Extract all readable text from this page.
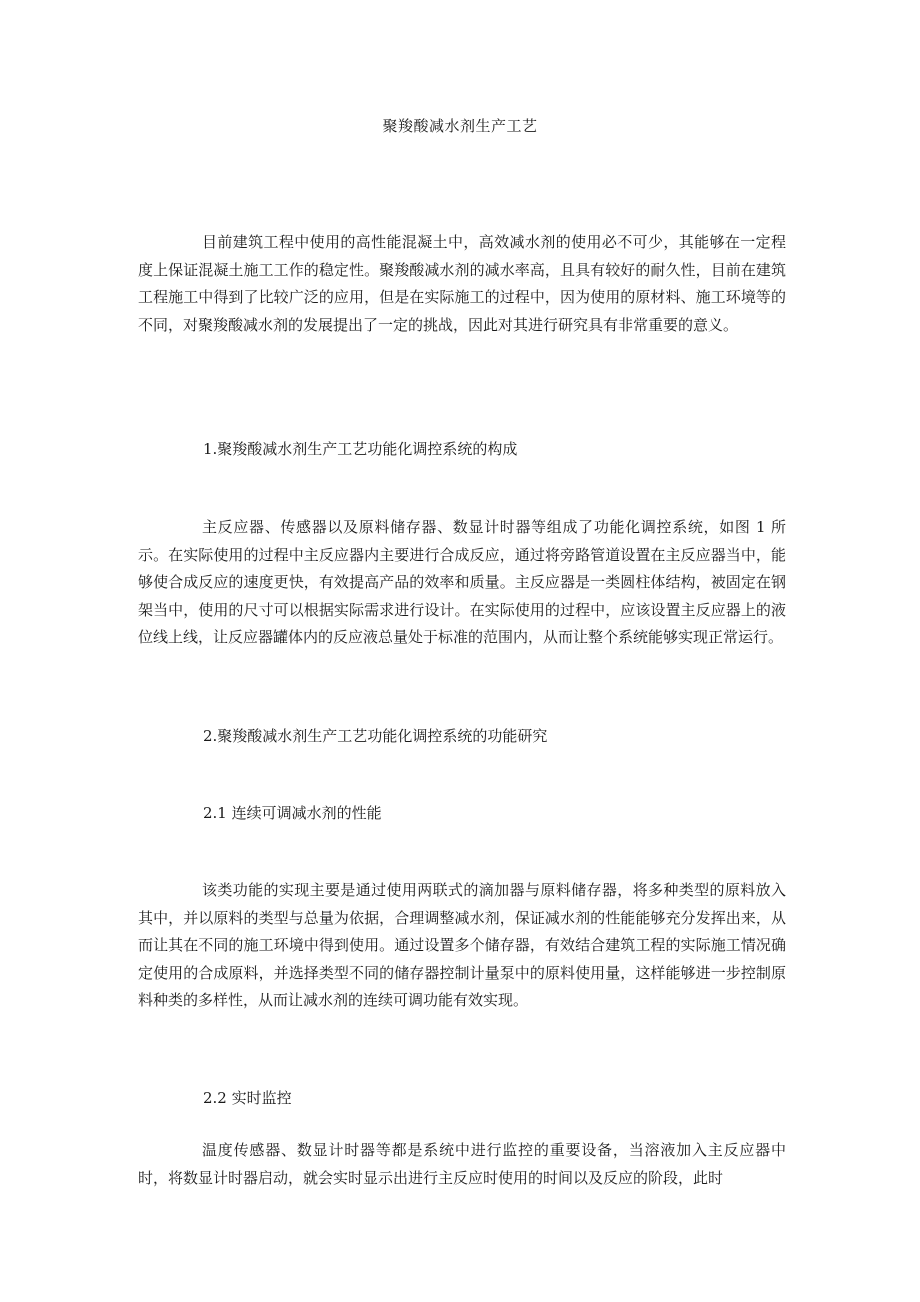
聚羧酸减水剂生产工艺

目前建筑工程中使用的高性能混凝土中，高效减水剂的使用必不可少，其能够在一定程度上保证混凝土施工工作的稳定性。聚羧酸减水剂的减水率高，且具有较好的耐久性，目前在建筑工程施工中得到了比较广泛的应用，但是在实际施工的过程中，因为使用的原材料、施工环境等的不同，对聚羧酸减水剂的发展提出了一定的挑战，因此对其进行研究具有非常重要的意义。

1.聚羧酸减水剂生产工艺功能化调控系统的构成

主反应器、传感器以及原料储存器、数显计时器等组成了功能化调控系统，如图 1 所示。在实际使用的过程中主反应器内主要进行合成反应，通过将旁路管道设置在主反应器当中，能够使合成反应的速度更快，有效提高产品的效率和质量。主反应器是一类圆柱体结构，被固定在钢架当中，使用的尺寸可以根据实际需求进行设计。在实际使用的过程中，应该设置主反应器上的液位线上线，让反应器罐体内的反应液总量处于标准的范围内，从而让整个系统能够实现正常运行。

2.聚羧酸减水剂生产工艺功能化调控系统的功能研究

2.1 连续可调减水剂的性能

该类功能的实现主要是通过使用两联式的滴加器与原料储存器，将多种类型的原料放入其中，并以原料的类型与总量为依据，合理调整减水剂，保证减水剂的性能能够充分发挥出来，从而让其在不同的施工环境中得到使用。通过设置多个储存器，有效结合建筑工程的实际施工情况确定使用的合成原料，并选择类型不同的储存器控制计量泵中的原料使用量，这样能够进一步控制原料种类的多样性，从而让减水剂的连续可调功能有效实现。

2.2 实时监控

温度传感器、数显计时器等都是系统中进行监控的重要设备，当溶液加入主反应器中时，将数显计时器启动，就会实时显示出进行主反应时使用的时间以及反应的阶段，此时
